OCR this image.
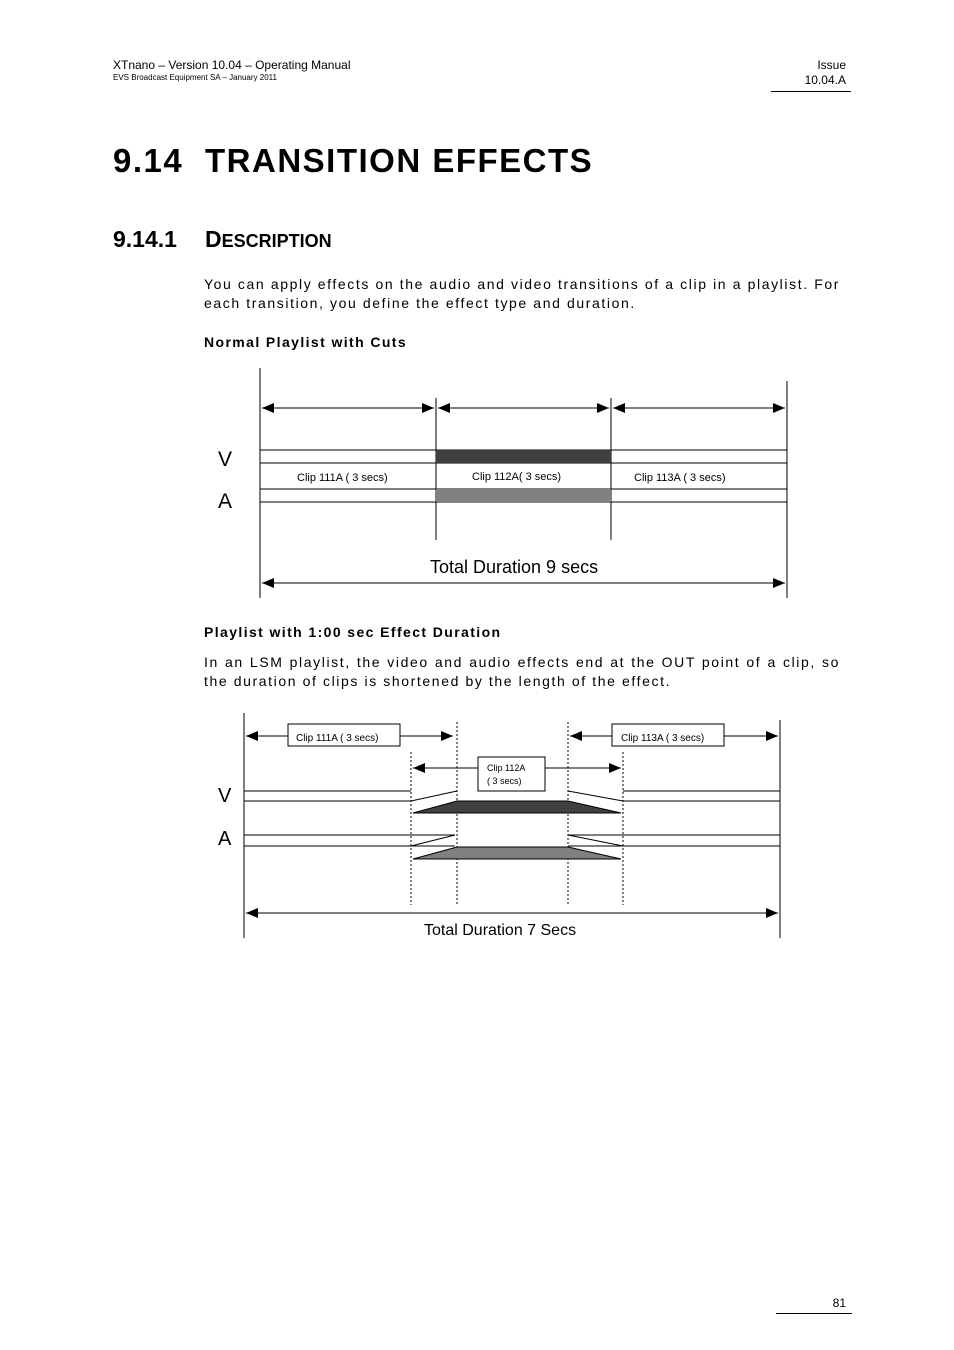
XTnano – Version 10.04 – Operating Manual
EVS Broadcast Equipment SA – January 2011
Issue
10.04.A
9.14 TRANSITION EFFECTS
9.14.1 DESCRIPTION
You can apply effects on the audio and video transitions of a clip in a playlist. For each transition, you define the effect type and duration.
Normal Playlist with Cuts
V
A
Clip 111A ( 3 secs)	Clip 112A( 3 secs)	Clip 113A ( 3 secs)
Total Duration 9 secs
Playlist with 1:00 sec Effect Duration
In an LSM playlist, the video and audio effects end at the OUT point of a clip, so the duration of clips is shortened by the length of the effect.
Clip 111A ( 3 secs)	Clip 113A ( 3 secs)
Clip 112A
( 3 secs)
V
A
Total Duration 7 Secs
81
